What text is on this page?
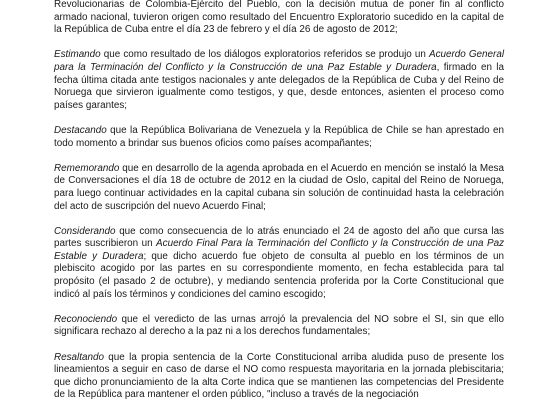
Revolucionarias de Colombia-Ejército del Pueblo, con la decisión mutua de poner fin al conflicto armado nacional, tuvieron origen como resultado del Encuentro Exploratorio sucedido en la capital de la República de Cuba entre el día 23 de febrero y el día 26 de agosto de 2012;

Estimando que como resultado de los diálogos exploratorios referidos se produjo un Acuerdo General para la Terminación del Conflicto y la Construcción de una Paz Estable y Duradera, firmado en la fecha última citada ante testigos nacionales y ante delegados de la República de Cuba y del Reino de Noruega que sirvieron igualmente como testigos, y que, desde entonces, asienten el proceso como países garantes;

Destacando que la República Bolivariana de Venezuela y la República de Chile se han aprestado en todo momento a brindar sus buenos oficios como países acompañantes;

Rememorando que en desarrollo de la agenda aprobada en el Acuerdo en mención se instaló la Mesa de Conversaciones el día 18 de octubre de 2012 en la ciudad de Oslo, capital del Reino de Noruega, para luego continuar actividades en la capital cubana sin solución de continuidad hasta la celebración del acto de suscripción del nuevo Acuerdo Final;

Considerando que como consecuencia de lo atrás enunciado el 24 de agosto del año que cursa las partes suscribieron un Acuerdo Final Para la Terminación del Conflicto y la Construcción de una Paz Estable y Duradera; que dicho acuerdo fue objeto de consulta al pueblo en los términos de un plebiscito acogido por las partes en su correspondiente momento, en fecha establecida para tal propósito (el pasado 2 de octubre), y mediando sentencia proferida por la Corte Constitucional que indicó al país los términos y condiciones del camino escogido;

Reconociendo que el veredicto de las urnas arrojó la prevalencia del NO sobre el SI, sin que ello significara rechazo al derecho a la paz ni a los derechos fundamentales;

Resaltando que la propia sentencia de la Corte Constitucional arriba aludida puso de presente los lineamientos a seguir en caso de darse el NO como respuesta mayoritaria en la jornada plebiscitaria; que dicho pronunciamiento de la alta Corte indica que se mantienen las competencias del Presidente de la República para mantener el orden público, "incluso a través de la negociación
